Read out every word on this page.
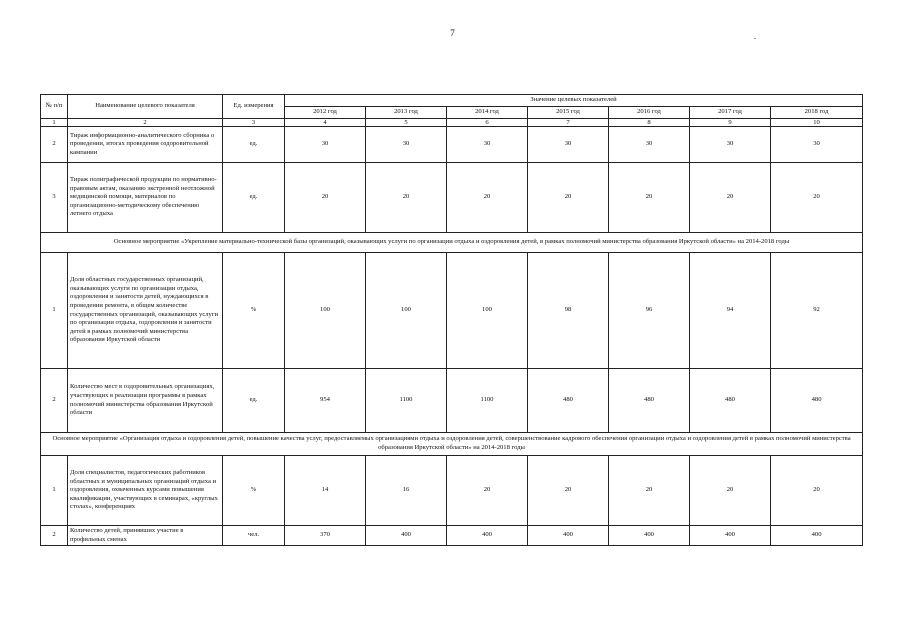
7
№ п/п	Наименование целевого показателя	Ед. измерения	Значение целевых показателей						
			2012 год	2013 год	2014 год	2015 год	2016 год	2017 год	2018 год
1	2	3	4	5	6	7	8	9	10
2	Тираж информационно-аналитического сборника о проведении, итогах проведения оздоровительной кампании	ед.	30	30	30	30	30	30	30
3	Тираж полиграфической продукции по нормативно-правовым актам, оказанию экстренной неотложной медицинской помощи, материалов по организационно-методическому обеспечению летнего отдыха	ед.	20	20	20	20	20	20	20
Основное мероприятие «Укрепление материально-технической базы организаций, оказывающих услуги по организации отдыха и оздоровления детей, в рамках полномочий министерства образования Иркутской области» на 2014-2018 годы									
1	Доля областных государственных организаций, оказывающих услуги по организации отдыха, оздоровления и занятости детей, нуждающихся в проведении ремонта, в общем количестве государственных организаций, оказывающих услуги по организации отдыха, оздоровления и занятости детей в рамках полномочий министерства образования Иркутской области	%	100	100	100	98	96	94	92
2	Количество мест в оздоровительных организациях, участвующих в реализации программы в рамках полномочий министерства образования Иркутской области	ед.	954	1100	1100	480	480	480	480
Основное мероприятие «Организация отдыха и оздоровления детей, повышение качества услуг, предоставляемых организациями отдыха и оздоровления детей, совершенствование кадрового обеспечения организации отдыха и оздоровления детей в рамках полномочий министерства образования Иркутской области» на 2014-2018 годы									
1	Доля специалистов, педагогических работников областных и муниципальных организаций отдыха и оздоровления, охваченных курсами повышения квалификации, участвующих в семинарах, «круглых столах», конференциях	%	14	16	20	20	20	20	20
2	Количество детей, принявших участие в профильных сменах	чел.	370	400	400	400	400	400	400
